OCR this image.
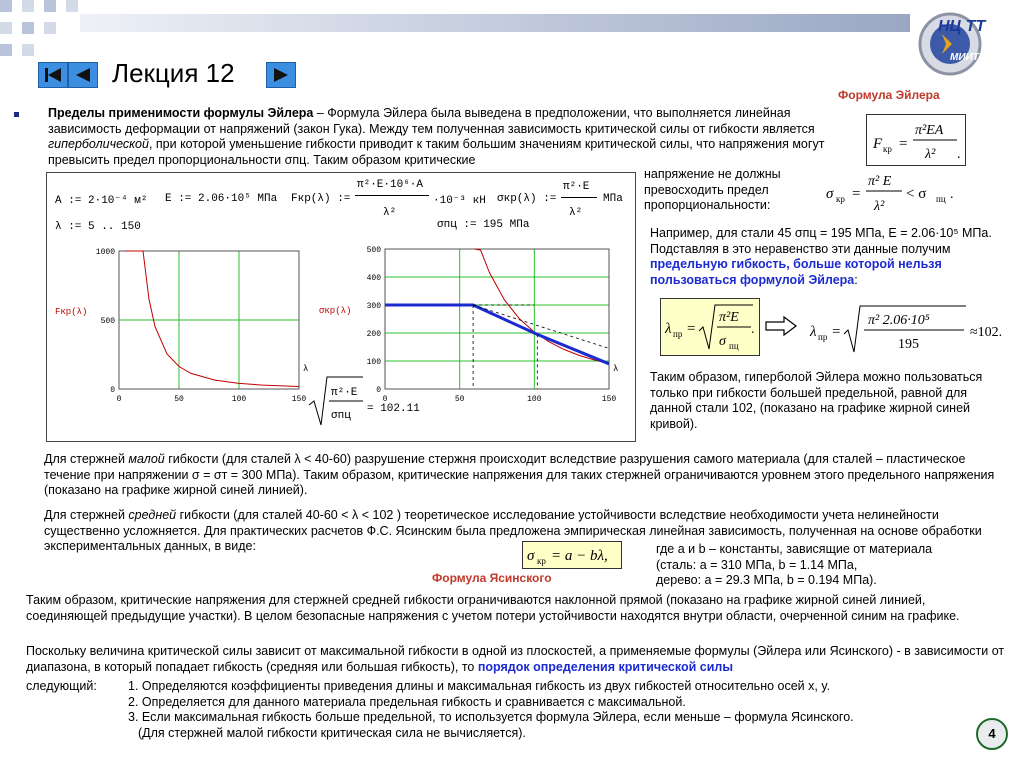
НЦ ТТ
МИИТ
Лекция 12
Пределы применимости формулы Эйлера – Формула Эйлера была выведена в предположении, что выполняется линейная зависимость деформации от напряжений (закон Гука). Между тем полученная зависимость критической силы от гибкости является гиперболической, при которой уменьшение гибкости приводит к таким большим значениям критической силы, что напряжения могут превысить предел пропорциональности σпц. Таким образом критические
напряжение не должны превосходить предел пропорциональности:
Формула Эйлера
F кр =
π²EA
λ² .
σ кр =
π² E
λ²
< σ пц .
A := 2·10⁻⁴ м² E := 2.06·10⁵ МПа Fкр(λ) :=
π²·E·10⁶·A
λ²
·10⁻³ кН σкр(λ) :=
π²·E
λ²
МПа
λ := 5 .. 150	σпц := 195 МПа
0	50	100	150
0
500
1000
Fкр(λ)
λ
0	50	100	150
0
100
200
300
400
500
σкр(λ)
λ
π²·E
σпц
= 102.11
Например, для стали 45 σпц = 195 МПа, E = 2.06·10⁵ МПа. Подставляя в это неравенство эти данные получим предельную гибкость, больше которой нельзя пользоваться формулой Эйлера:
λ пр =
π²E
σ пц
.	λ пр =
π² 2.06·10⁵
195
≈102.
Таким образом, гиперболой Эйлера можно пользоваться только при гибкости большей предельной, равной для данной стали 102, (показано на графике жирной синей кривой).
Для стержней малой гибкости (для сталей λ < 40-60) разрушение стержня происходит вследствие разрушения самого материала (для сталей – пластическое течение при напряжении σ = σт = 300 МПа). Таким образом, критические напряжения для таких стержней ограничиваются уровнем этого предельного напряжения (показано на графике жирной синей линией).
Для стержней средней гибкости (для сталей 40-60 < λ < 102 ) теоретическое исследование устойчивости вследствие необходимости учета нелинейности существенно усложняется. Для практических расчетов Ф.С. Ясинским была предложена эмпирическая линейная зависимость, полученная на основе обработки экспериментальных данных, в виде:
σ кр = a − bλ,
Формула Ясинского
где a и b – константы, зависящие от материала
(сталь: a = 310 МПа, b = 1.14 МПа,
дерево: a = 29.3 МПа, b = 0.194 МПа).
Таким образом, критические напряжения для стержней средней гибкости ограничиваются наклонной прямой (показано на графике жирной синей линией, соединяющей предыдущие участки). В целом безопасные напряжения с учетом потери устойчивости находятся внутри области, очерченной синим на графике.
Поскольку величина критической силы зависит от максимальной гибкости в одной из плоскостей, а применяемые формулы (Эйлера или Ясинского) - в зависимости от диапазона, в который попадает гибкость (средняя или большая гибкость), то порядок определения критической силы
следующий: 1. Определяются коэффициенты приведения длины и максимальная гибкость из двух гибкостей относительно осей x, y.
2. Определяется для данного материала предельная гибкость и сравнивается с максимальной.
3. Если максимальная гибкость больше предельной, то используется формула Эйлера, если меньше – формула Ясинского.
(Для стержней малой гибкости критическая сила не вычисляется).	4
